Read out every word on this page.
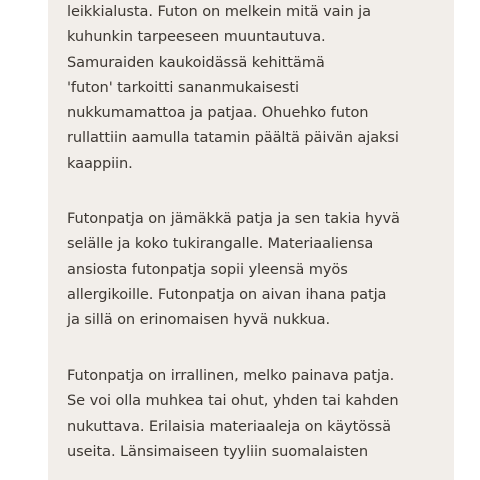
leikkialusta. Futon on melkein mitä vain ja
kuhunkin tarpeeseen muuntautuva.
Samuraiden kaukoidässä kehittämä
'futon' tarkoitti sananmukaisesti
nukkumamattoa ja patjaa. Ohuehko futon
rullattiin aamulla tatamin päältä päivän ajaksi
kaappiin.

Futonpatja on jämäkkä patja ja sen takia hyvä
selälle ja koko tukirangalle. Materiaaliensa
ansiosta futonpatja sopii yleensä myös
allergikoille. Futonpatja on aivan ihana patja
ja sillä on erinomaisen hyvä nukkua.

Futonpatja on irrallinen, melko painava patja.
Se voi olla muhkea tai ohut, yhden tai kahden
nukuttava. Erilaisia materiaaleja on käytössä
useita. Länsimaiseen tyyliin suomalaisten
